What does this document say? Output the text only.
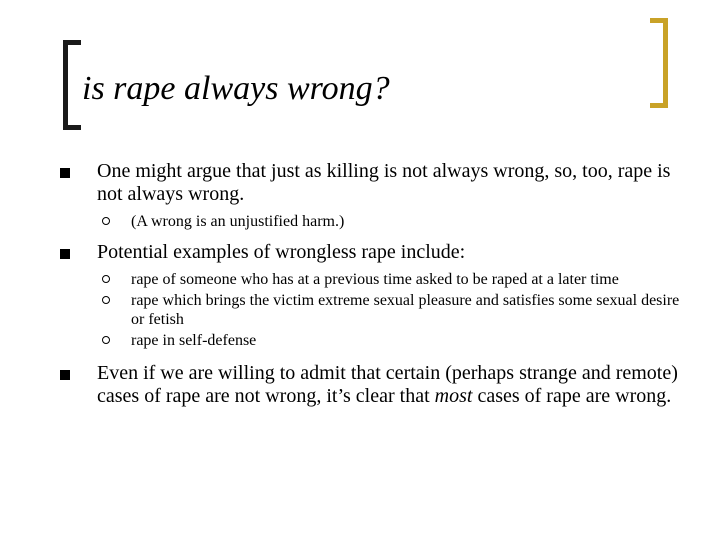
is rape always wrong?
One might argue that just as killing is not always wrong, so, too, rape is not always wrong.
(A wrong is an unjustified harm.)
Potential examples of wrongless rape include:
rape of someone who has at a previous time asked to be raped at a later time
rape which brings the victim extreme sexual pleasure and satisfies some sexual desire or fetish
rape in self-defense
Even if we are willing to admit that certain (perhaps strange and remote) cases of rape are not wrong, it’s clear that most cases of rape are wrong.
